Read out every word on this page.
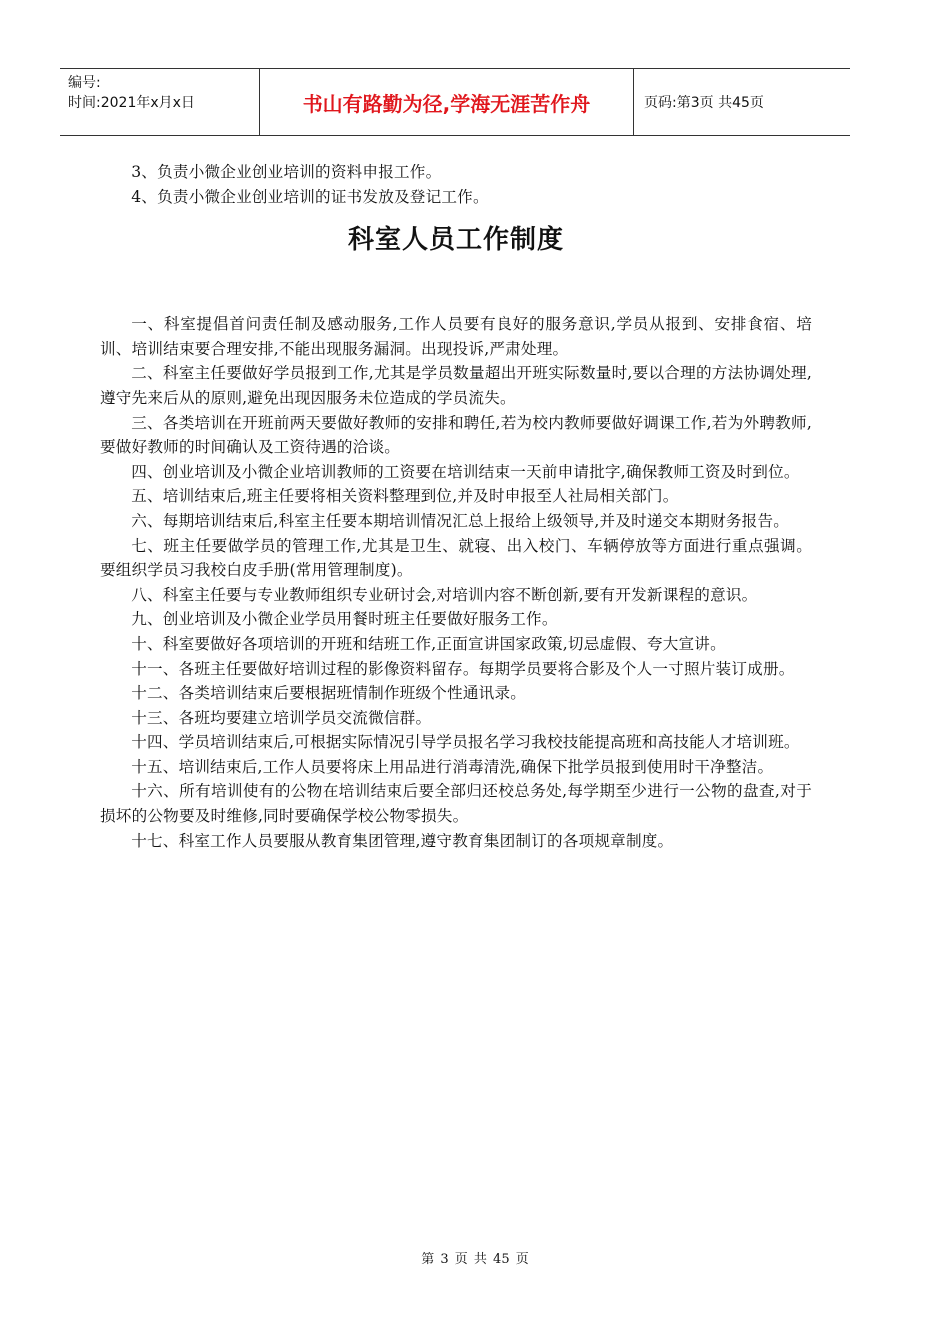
编号:
时间:2021年x月x日	书山有路勤为径,学海无涯苦作舟	页码:第3页 共45页

3、负责小微企业创业培训的资料申报工作。

4、负责小微企业创业培训的证书发放及登记工作。

科室人员工作制度

一、科室提倡首问责任制及感动服务,工作人员要有良好的服务意识,学员从报到、安排食宿、培训、培训结束要合理安排,不能出现服务漏洞。出现投诉,严肃处理。

二、科室主任要做好学员报到工作,尤其是学员数量超出开班实际数量时,要以合理的方法协调处理,遵守先来后从的原则,避免出现因服务未位造成的学员流失。

三、各类培训在开班前两天要做好教师的安排和聘任,若为校内教师要做好调课工作,若为外聘教师,要做好教师的时间确认及工资待遇的洽谈。

四、创业培训及小微企业培训教师的工资要在培训结束一天前申请批字,确保教师工资及时到位。

五、培训结束后,班主任要将相关资料整理到位,并及时申报至人社局相关部门。

六、每期培训结束后,科室主任要本期培训情况汇总上报给上级领导,并及时递交本期财务报告。

七、班主任要做学员的管理工作,尤其是卫生、就寝、出入校门、车辆停放等方面进行重点强调。要组织学员习我校白皮手册(常用管理制度)。

八、科室主任要与专业教师组织专业研讨会,对培训内容不断创新,要有开发新课程的意识。

九、创业培训及小微企业学员用餐时班主任要做好服务工作。

十、科室要做好各项培训的开班和结班工作,正面宣讲国家政策,切忌虚假、夸大宣讲。

十一、各班主任要做好培训过程的影像资料留存。每期学员要将合影及个人一寸照片装订成册。

十二、各类培训结束后要根据班情制作班级个性通讯录。

十三、各班均要建立培训学员交流微信群。

十四、学员培训结束后,可根据实际情况引导学员报名学习我校技能提高班和高技能人才培训班。

十五、培训结束后,工作人员要将床上用品进行消毒清洗,确保下批学员报到使用时干净整洁。

十六、所有培训使有的公物在培训结束后要全部归还校总务处,每学期至少进行一公物的盘查,对于损坏的公物要及时维修,同时要确保学校公物零损失。

十七、科室工作人员要服从教育集团管理,遵守教育集团制订的各项规章制度。

第 3 页 共 45 页
